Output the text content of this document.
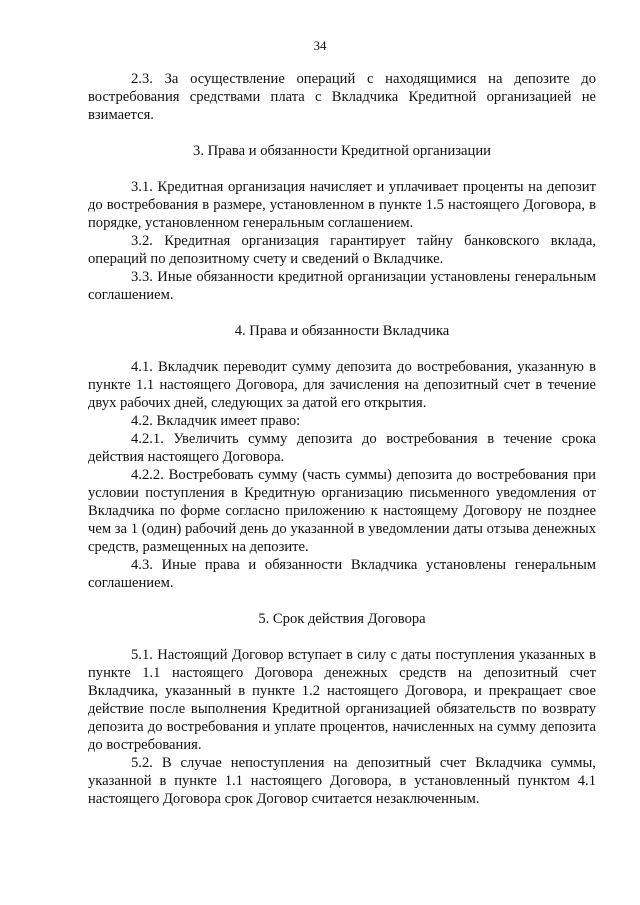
34

2.3. За осуществление операций с находящимися на депозите до востребования средствами плата с Вкладчика Кредитной организацией не взимается.

3. Права и обязанности Кредитной организации

3.1. Кредитная организация начисляет и уплачивает проценты на депозит до востребования в размере, установленном в пункте 1.5 настоящего Договора, в порядке, установленном генеральным соглашением.

3.2. Кредитная организация гарантирует тайну банковского вклада, операций по депозитному счету и сведений о Вкладчике.

3.3. Иные обязанности кредитной организации установлены генеральным соглашением.

4. Права и обязанности Вкладчика

4.1. Вкладчик переводит сумму депозита до востребования, указанную в пункте 1.1 настоящего Договора, для зачисления на депозитный счет в течение двух рабочих дней, следующих за датой его открытия.

4.2. Вкладчик имеет право:

4.2.1. Увеличить сумму депозита до востребования в течение срока действия настоящего Договора.

4.2.2. Востребовать сумму (часть суммы) депозита до востребования при условии поступления в Кредитную организацию письменного уведомления от Вкладчика по форме согласно приложению к настоящему Договору не позднее чем за 1 (один) рабочий день до указанной в уведомлении даты отзыва денежных средств, размещенных на депозите.

4.3. Иные права и обязанности Вкладчика установлены генеральным соглашением.

5. Срок действия Договора

5.1. Настоящий Договор вступает в силу с даты поступления указанных в пункте 1.1 настоящего Договора денежных средств на депозитный счет Вкладчика, указанный в пункте 1.2 настоящего Договора, и прекращает свое действие после выполнения Кредитной организацией обязательств по возврату депозита до востребования и уплате процентов, начисленных на сумму депозита до востребования.

5.2. В случае непоступления на депозитный счет Вкладчика суммы, указанной в пункте 1.1 настоящего Договора, в установленный пунктом 4.1 настоящего Договора срок Договор считается незаключенным.
